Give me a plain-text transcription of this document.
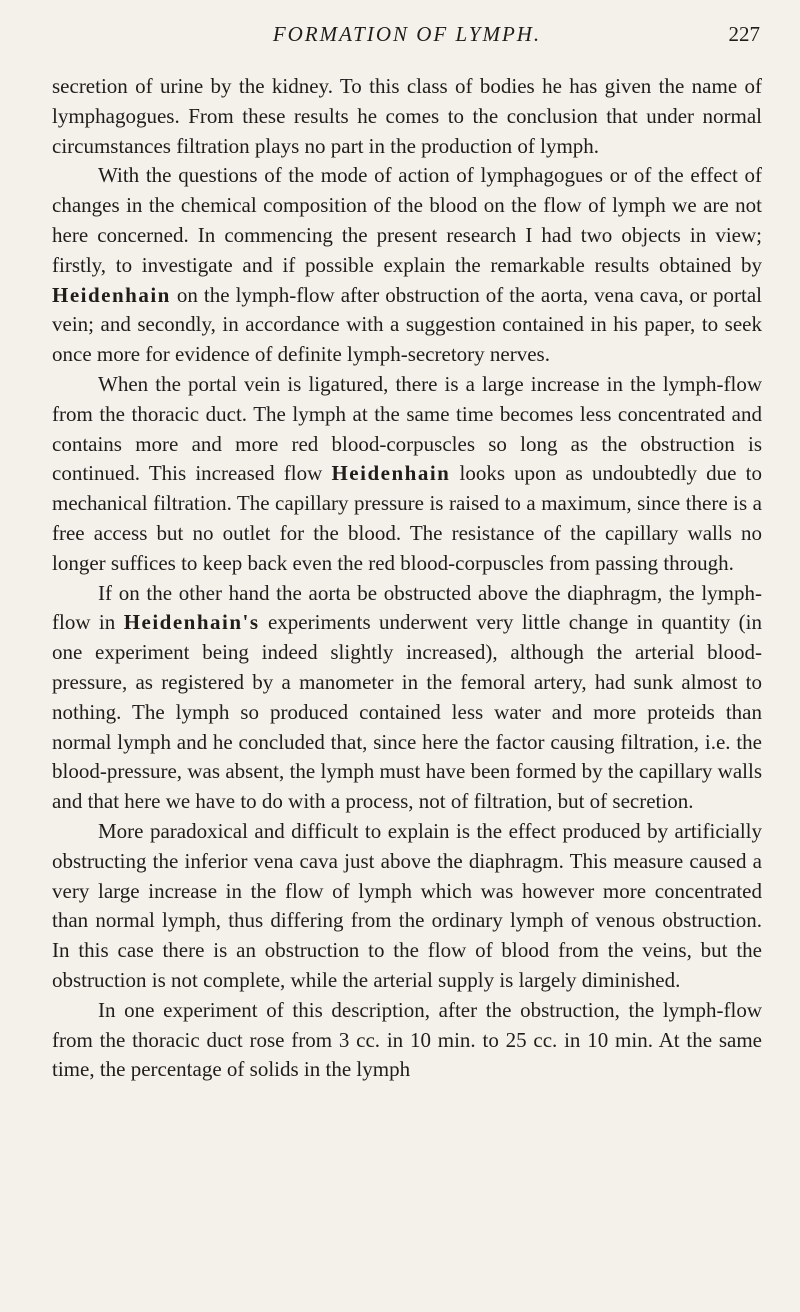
FORMATION OF LYMPH.	227

secretion of urine by the kidney. To this class of bodies he has given the name of lymphagogues. From these results he comes to the conclusion that under normal circumstances filtration plays no part in the production of lymph.

With the questions of the mode of action of lymphagogues or of the effect of changes in the chemical composition of the blood on the flow of lymph we are not here concerned. In commencing the present research I had two objects in view; firstly, to investigate and if possible explain the remarkable results obtained by Heidenhain on the lymph-flow after obstruction of the aorta, vena cava, or portal vein; and secondly, in accordance with a suggestion contained in his paper, to seek once more for evidence of definite lymph-secretory nerves.

When the portal vein is ligatured, there is a large increase in the lymph-flow from the thoracic duct. The lymph at the same time becomes less concentrated and contains more and more red blood-corpuscles so long as the obstruction is continued. This increased flow Heidenhain looks upon as undoubtedly due to mechanical filtration. The capillary pressure is raised to a maximum, since there is a free access but no outlet for the blood. The resistance of the capillary walls no longer suffices to keep back even the red blood-corpuscles from passing through.

If on the other hand the aorta be obstructed above the diaphragm, the lymph-flow in Heidenhain's experiments underwent very little change in quantity (in one experiment being indeed slightly increased), although the arterial blood-pressure, as registered by a manometer in the femoral artery, had sunk almost to nothing. The lymph so produced contained less water and more proteids than normal lymph and he concluded that, since here the factor causing filtration, i.e. the blood-pressure, was absent, the lymph must have been formed by the capillary walls and that here we have to do with a process, not of filtration, but of secretion.

More paradoxical and difficult to explain is the effect produced by artificially obstructing the inferior vena cava just above the diaphragm. This measure caused a very large increase in the flow of lymph which was however more concentrated than normal lymph, thus differing from the ordinary lymph of venous obstruction. In this case there is an obstruction to the flow of blood from the veins, but the obstruction is not complete, while the arterial supply is largely diminished.

In one experiment of this description, after the obstruction, the lymph-flow from the thoracic duct rose from 3 cc. in 10 min. to 25 cc. in 10 min. At the same time, the percentage of solids in the lymph
